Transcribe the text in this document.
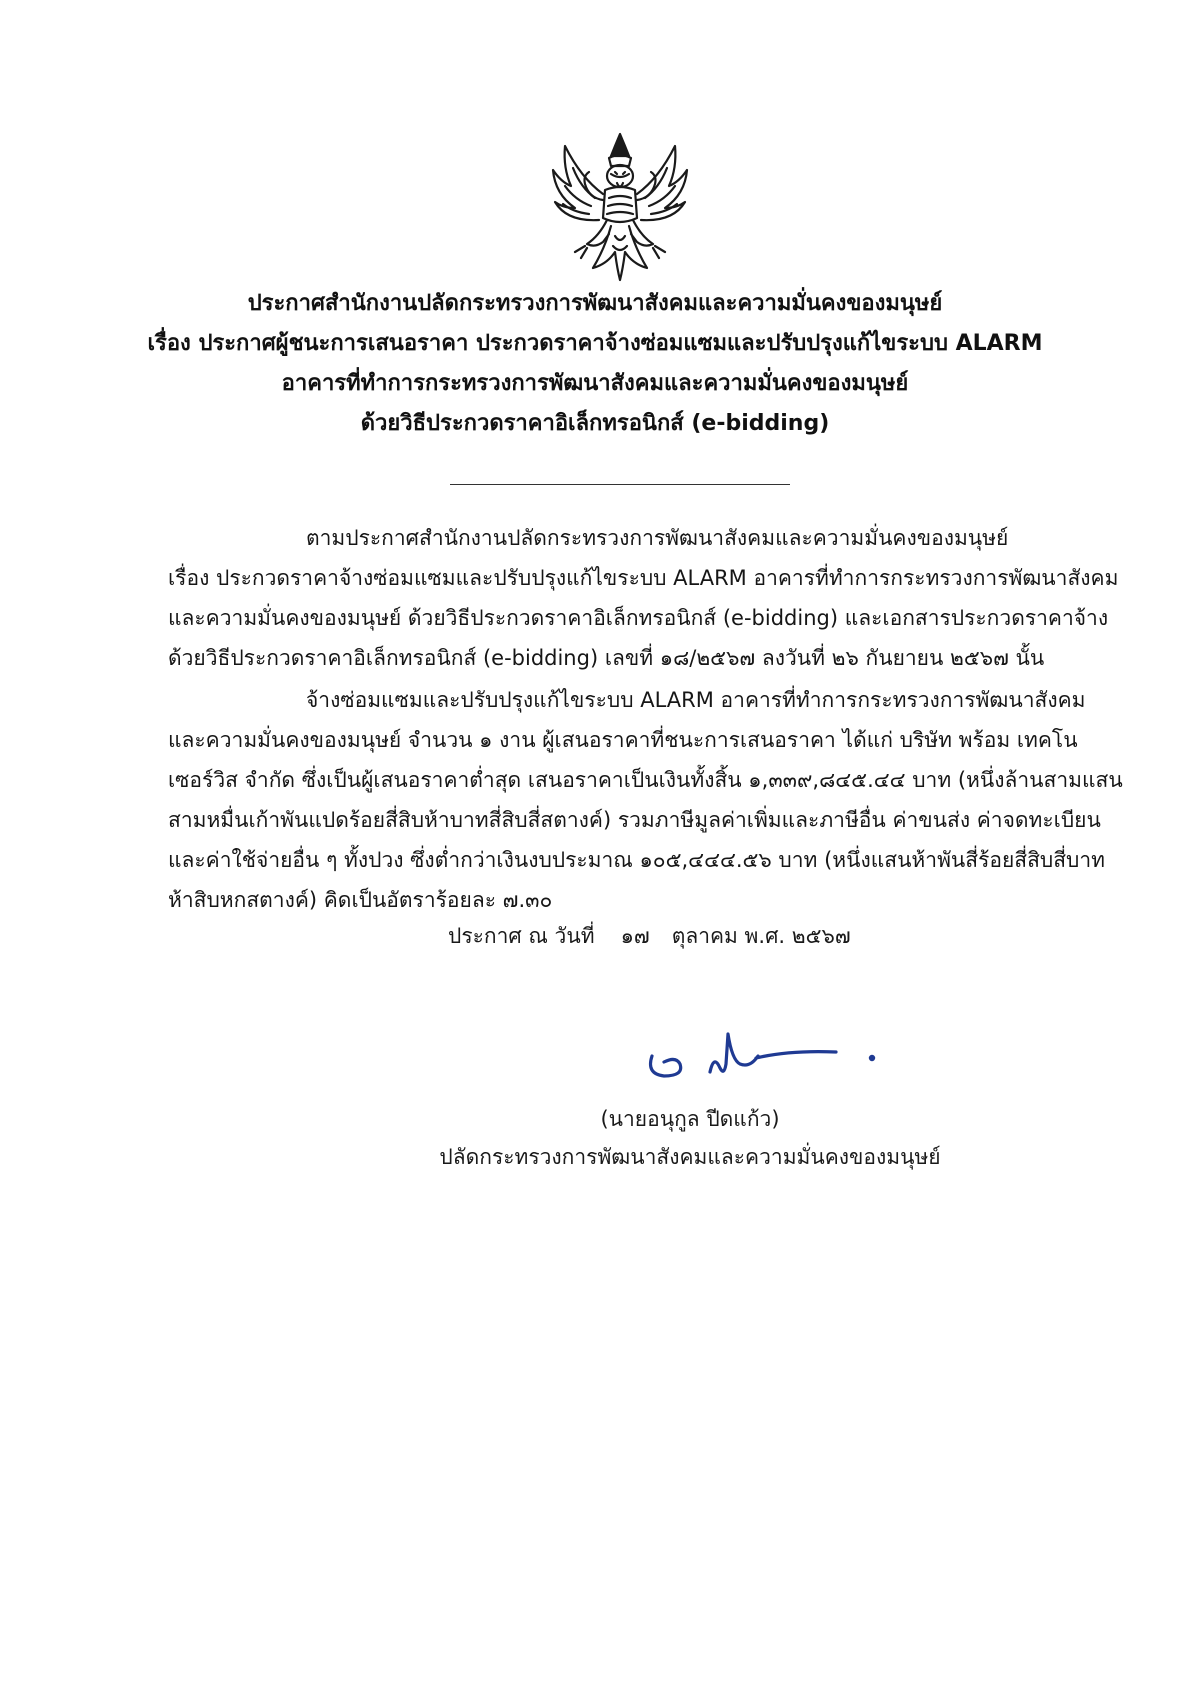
ประกาศสำนักงานปลัดกระทรวงการพัฒนาสังคมและความมั่นคงของมนุษย์
เรื่อง ประกาศผู้ชนะการเสนอราคา ประกวดราคาจ้างซ่อมแซมและปรับปรุงแก้ไขระบบ ALARM
อาคารที่ทำการกระทรวงการพัฒนาสังคมและความมั่นคงของมนุษย์
ด้วยวิธีประกวดราคาอิเล็กทรอนิกส์ (e-bidding)
ตามประกาศสำนักงานปลัดกระทรวงการพัฒนาสังคมและความมั่นคงของมนุษย์
เรื่อง ประกวดราคาจ้างซ่อมแซมและปรับปรุงแก้ไขระบบ ALARM อาคารที่ทำการกระทรวงการพัฒนาสังคม
และความมั่นคงของมนุษย์ ด้วยวิธีประกวดราคาอิเล็กทรอนิกส์ (e-bidding) และเอกสารประกวดราคาจ้าง
ด้วยวิธีประกวดราคาอิเล็กทรอนิกส์ (e-bidding) เลขที่ ๑๘/๒๕๖๗ ลงวันที่ ๒๖ กันยายน ๒๕๖๗ นั้น
จ้างซ่อมแซมและปรับปรุงแก้ไขระบบ ALARM อาคารที่ทำการกระทรวงการพัฒนาสังคม
และความมั่นคงของมนุษย์ จำนวน ๑ งาน ผู้เสนอราคาที่ชนะการเสนอราคา ได้แก่ บริษัท พร้อม เทคโน
เซอร์วิส จำกัด ซึ่งเป็นผู้เสนอราคาต่ำสุด เสนอราคาเป็นเงินทั้งสิ้น ๑,๓๓๙,๘๔๕.๔๔ บาท (หนึ่งล้านสามแสน
สามหมื่นเก้าพันแปดร้อยสี่สิบห้าบาทสี่สิบสี่สตางค์) รวมภาษีมูลค่าเพิ่มและภาษีอื่น ค่าขนส่ง ค่าจดทะเบียน
และค่าใช้จ่ายอื่น ๆ ทั้งปวง ซึ่งต่ำกว่าเงินงบประมาณ ๑๐๕,๔๔๔.๕๖ บาท (หนึ่งแสนห้าพันสี่ร้อยสี่สิบสี่บาท
ห้าสิบหกสตางค์) คิดเป็นอัตราร้อยละ ๗.๓๐
ประกาศ ณ วันที่ ๑๗ ตุลาคม พ.ศ. ๒๕๖๗
(นายอนุกูล ปีดแก้ว)
ปลัดกระทรวงการพัฒนาสังคมและความมั่นคงของมนุษย์
